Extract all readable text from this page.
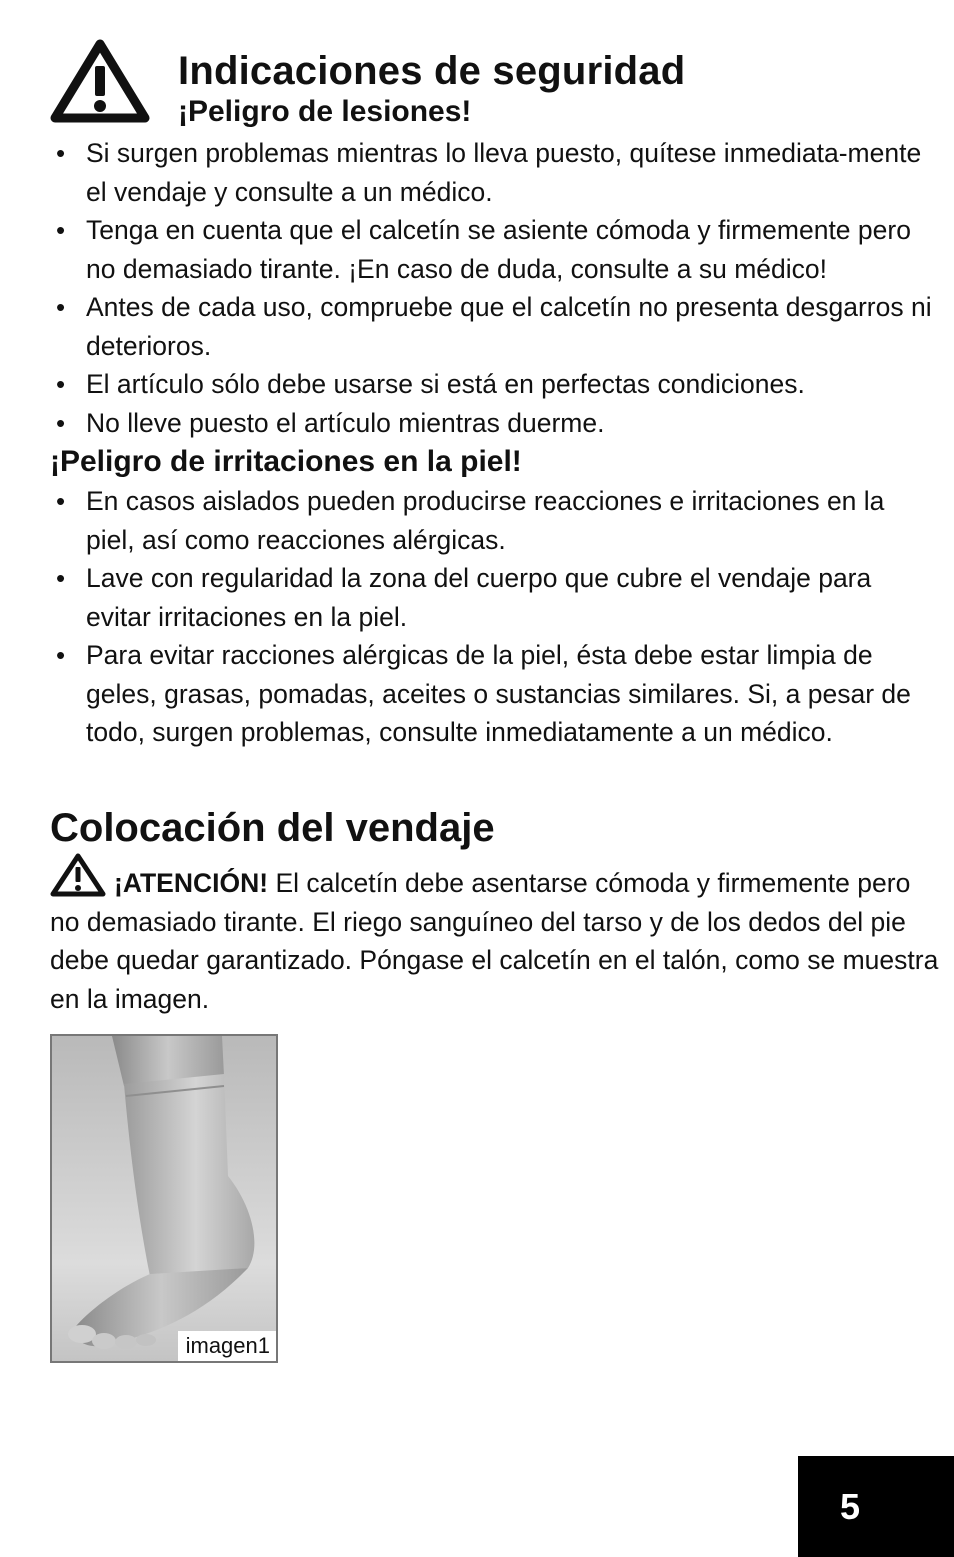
Indicaciones de seguridad
¡Peligro de lesiones!
• Si surgen problemas mientras lo lleva puesto, quítese inmediata-mente el vendaje y consulte a un médico.
• Tenga en cuenta que el calcetín se asiente cómoda y firmemente pero no demasiado tirante. ¡En caso de duda, consulte a su médico!
• Antes de cada uso, compruebe que el calcetín no presenta desgarros ni deterioros.
• El artículo sólo debe usarse si está en perfectas condiciones.
• No lleve puesto el artículo mientras duerme.
¡Peligro de irritaciones en la piel!
• En casos aislados pueden producirse reacciones e irritaciones en la piel, así como reacciones alérgicas.
• Lave con regularidad la zona del cuerpo que cubre el vendaje para evitar irritaciones en la piel.
• Para evitar racciones alérgicas de la piel, ésta debe estar limpia de geles, grasas, pomadas, aceites o sustancias similares. Si, a pesar de todo, surgen problemas, consulte inmediatamente a un médico.
Colocación del vendaje

¡ATENCIÓN! El calcetín debe asentarse cómoda y firmemente pero no demasiado tirante. El riego sanguíneo del tarso y de los dedos del pie debe quedar garantizado. Póngase el calcetín en el talón, como se muestra en la imagen.

imagen1
5
